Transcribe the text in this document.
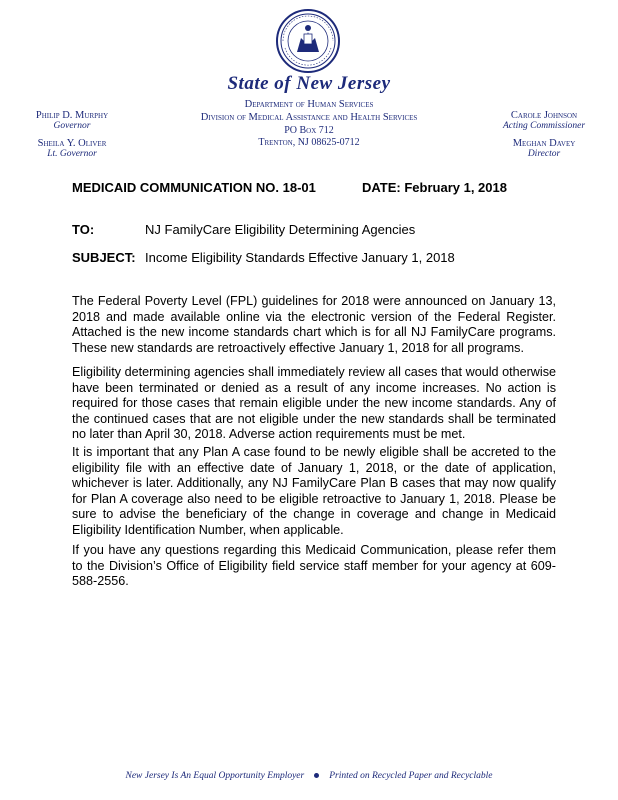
State of New Jersey
Department of Human Services
Division of Medical Assistance and Health Services
PO Box 712
Trenton, NJ 08625-0712
Philip D. Murphy
Governor
Sheila Y. Oliver
Lt. Governor
Carole Johnson
Acting Commissioner
Meghan Davey
Director
MEDICAID COMMUNICATION NO. 18-01	DATE: February 1, 2018
TO:	NJ FamilyCare Eligibility Determining Agencies
SUBJECT: Income Eligibility Standards Effective January 1, 2018
The Federal Poverty Level (FPL) guidelines for 2018 were announced on January 13, 2018 and made available online via the electronic version of the Federal Register. Attached is the new income standards chart which is for all NJ FamilyCare programs. These new standards are retroactively effective January 1, 2018 for all programs.
Eligibility determining agencies shall immediately review all cases that would otherwise have been terminated or denied as a result of any income increases. No action is required for those cases that remain eligible under the new income standards. Any of the continued cases that are not eligible under the new standards shall be terminated no later than April 30, 2018. Adverse action requirements must be met.
It is important that any Plan A case found to be newly eligible shall be accreted to the eligibility file with an effective date of January 1, 2018, or the date of application, whichever is later. Additionally, any NJ FamilyCare Plan B cases that may now qualify for Plan A coverage also need to be eligible retroactive to January 1, 2018. Please be sure to advise the beneficiary of the change in coverage and change in Medicaid Eligibility Identification Number, when applicable.
If you have any questions regarding this Medicaid Communication, please refer them to the Division’s Office of Eligibility field service staff member for your agency at 609-588-2556.
New Jersey Is An Equal Opportunity Employer	Printed on Recycled Paper and Recyclable
